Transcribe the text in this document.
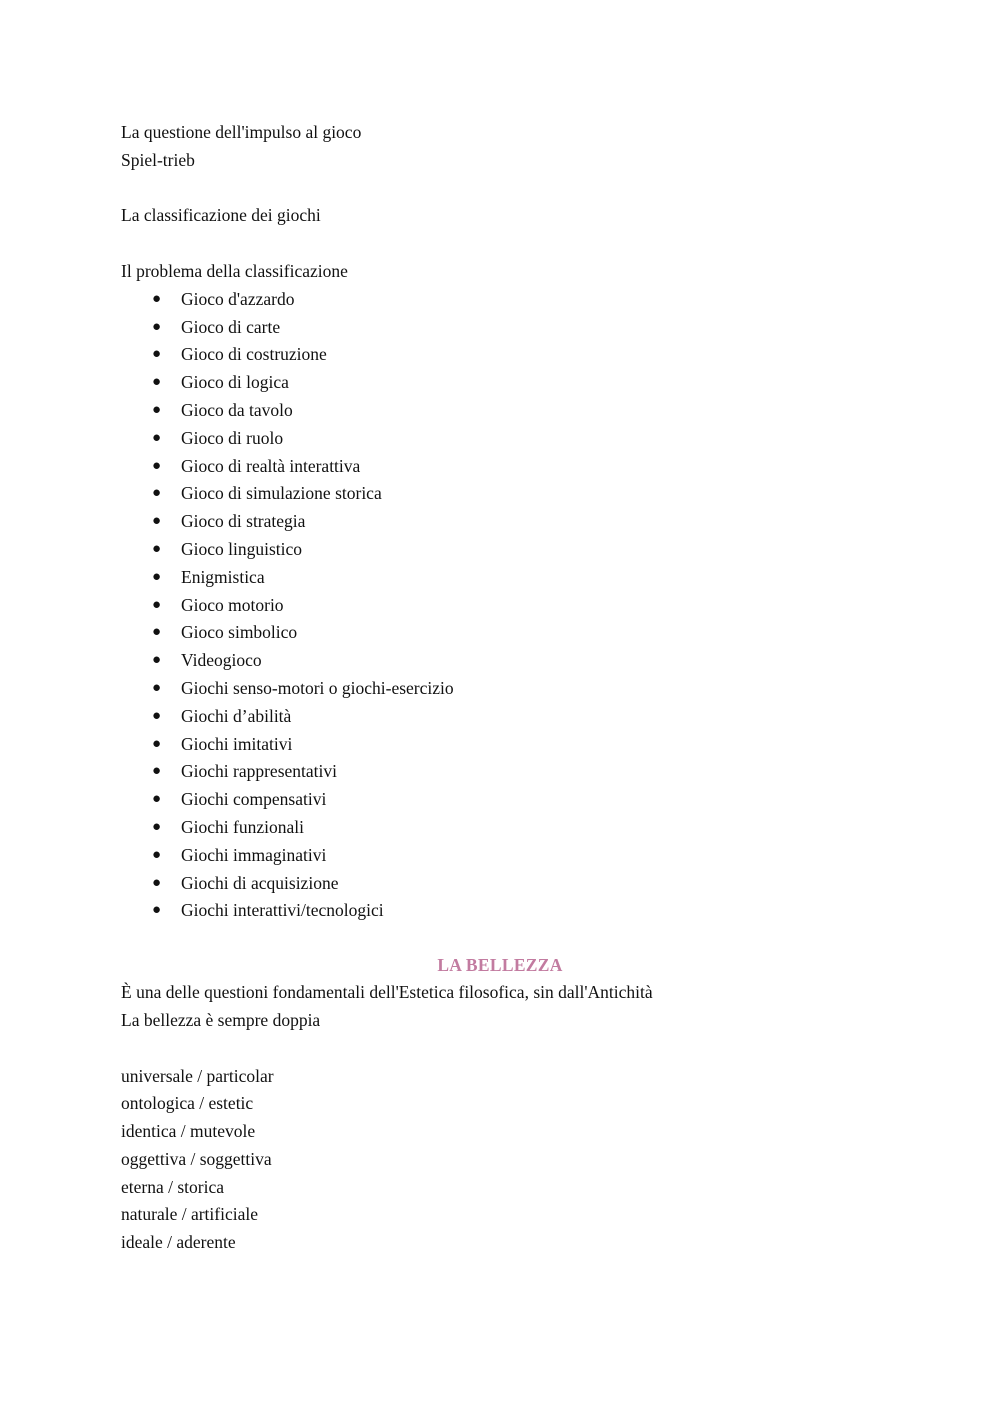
La questione dell'impulso al gioco
Spiel-trieb
La classificazione dei giochi
Il problema della classificazione
● Gioco d'azzardo
● Gioco di carte
● Gioco di costruzione
● Gioco di logica
● Gioco da tavolo
● Gioco di ruolo
● Gioco di realtà interattiva
● Gioco di simulazione storica
● Gioco di strategia
● Gioco linguistico
● Enigmistica
● Gioco motorio
● Gioco simbolico
● Videogioco
● Giochi senso-motori o giochi-esercizio
● Giochi d’abilità
● Giochi imitativi
● Giochi rappresentativi
● Giochi compensativi
● Giochi funzionali
● Giochi immaginativi
● Giochi di acquisizione
● Giochi interattivi/tecnologici
LA BELLEZZA
È una delle questioni fondamentali dell'Estetica filosofica, sin dall'Antichità
La bellezza è sempre doppia
universale / particolar
ontologica / estetic
identica / mutevole
oggettiva / soggettiva
eterna / storica
naturale / artificiale
ideale / aderente
